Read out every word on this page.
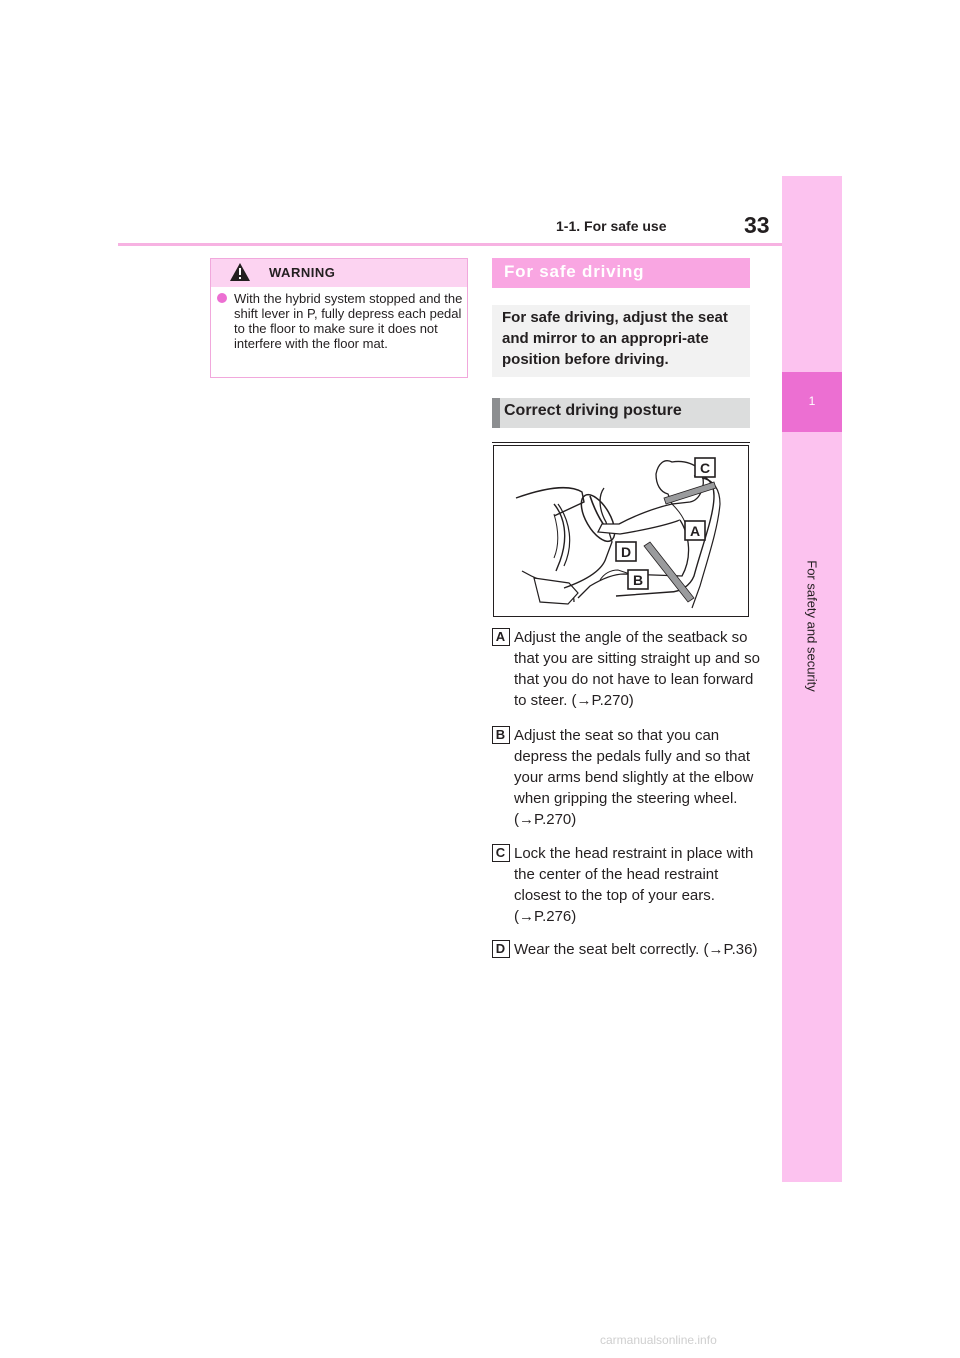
1-1. For safe use	33
1
For safety and security
WARNING
With the hybrid system stopped and the shift lever in P, fully depress each pedal to the floor to make sure it does not interfere with the floor mat.
For safe driving
For safe driving, adjust the seat and mirror to an appropri-ate position before driving.
Correct driving posture
C
A
D
B
A Adjust the angle of the seatback so that you are sitting straight up and so that you do not have to lean forward to steer. (→P.270)
B Adjust the seat so that you can depress the pedals fully and so that your arms bend slightly at the elbow when gripping the steering wheel. (→P.270)
C Lock the head restraint in place with the center of the head restraint closest to the top of your ears. (→P.276)
D Wear the seat belt correctly. (→P.36)
carmanualsonline.info
